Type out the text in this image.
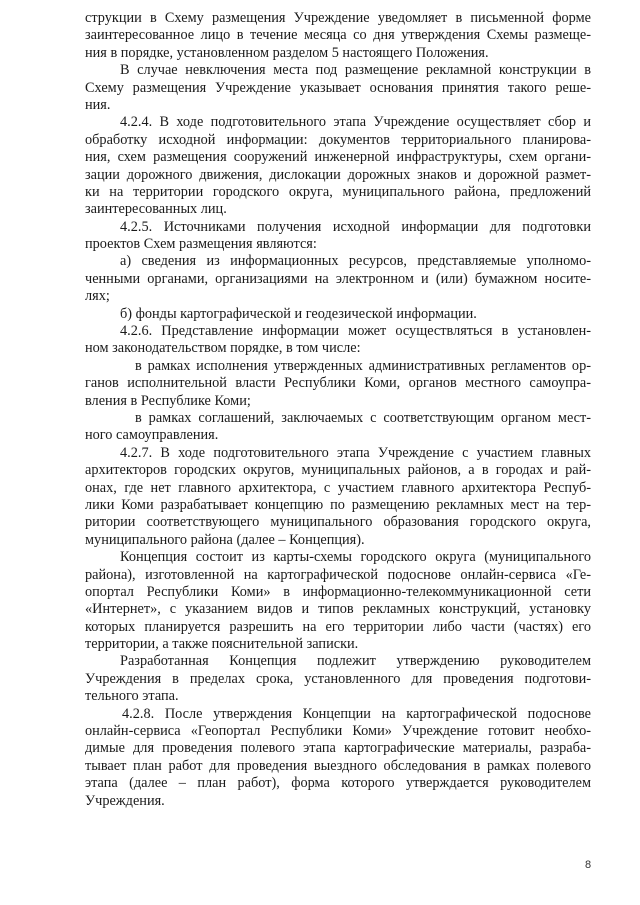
струкции в Схему размещения Учреждение уведомляет в письменной форме
заинтересованное лицо в течение месяца со дня утверждения Схемы размеще-
ния в порядке, установленном разделом 5 настоящего Положения.
В случае невключения места под размещение рекламной конструкции в
Схему размещения Учреждение указывает основания принятия такого реше-
ния.
4.2.4. В ходе подготовительного этапа Учреждение осуществляет сбор и
обработку исходной информации: документов территориального планирова-
ния, схем размещения сооружений инженерной инфраструктуры, схем органи-
зации дорожного движения, дислокации дорожных знаков и дорожной размет-
ки на территории городского округа, муниципального района, предложений
заинтересованных лиц.
4.2.5. Источниками получения исходной информации для подготовки
проектов Схем размещения являются:
а) сведения из информационных ресурсов, представляемые уполномо-
ченными органами, организациями на электронном и (или) бумажном носите-
лях;
б) фонды картографической и геодезической информации.
4.2.6. Представление информации может осуществляться в установлен-
ном законодательством порядке, в том числе:
в рамках исполнения утвержденных административных регламентов ор-
ганов исполнительной власти Республики Коми, органов местного самоупра-
вления в Республике Коми;
в рамках соглашений, заключаемых с соответствующим органом мест-
ного самоуправления.
4.2.7. В ходе подготовительного этапа Учреждение с участием главных
архитекторов городских округов, муниципальных районов, а в городах и рай-
онах, где нет главного архитектора, с участием главного архитектора Респуб-
лики Коми разрабатывает концепцию по размещению рекламных мест на тер-
ритории соответствующего муниципального образования городского округа,
муниципального района (далее – Концепция).
Концепция состоит из карты-схемы городского округа (муниципального
района), изготовленной на картографической подоснове онлайн-сервиса «Ге-
опортал Республики Коми» в информационно-телекоммуникационной сети
«Интернет», с указанием видов и типов рекламных конструкций, установку
которых планируется разрешить на его территории либо части (частях) его
территории, а также пояснительной записки.
Разработанная Концепция подлежит утверждению руководителем
Учреждения в пределах срока, установленного для проведения подготови-
тельного этапа.
4.2.8. После утверждения Концепции на картографической подоснове
онлайн-сервиса «Геопортал Республики Коми» Учреждение готовит необхо-
димые для проведения полевого этапа картографические материалы, разраба-
тывает план работ для проведения выездного обследования в рамках полевого
этапа (далее – план работ), форма которого утверждается руководителем
Учреждения.
8
